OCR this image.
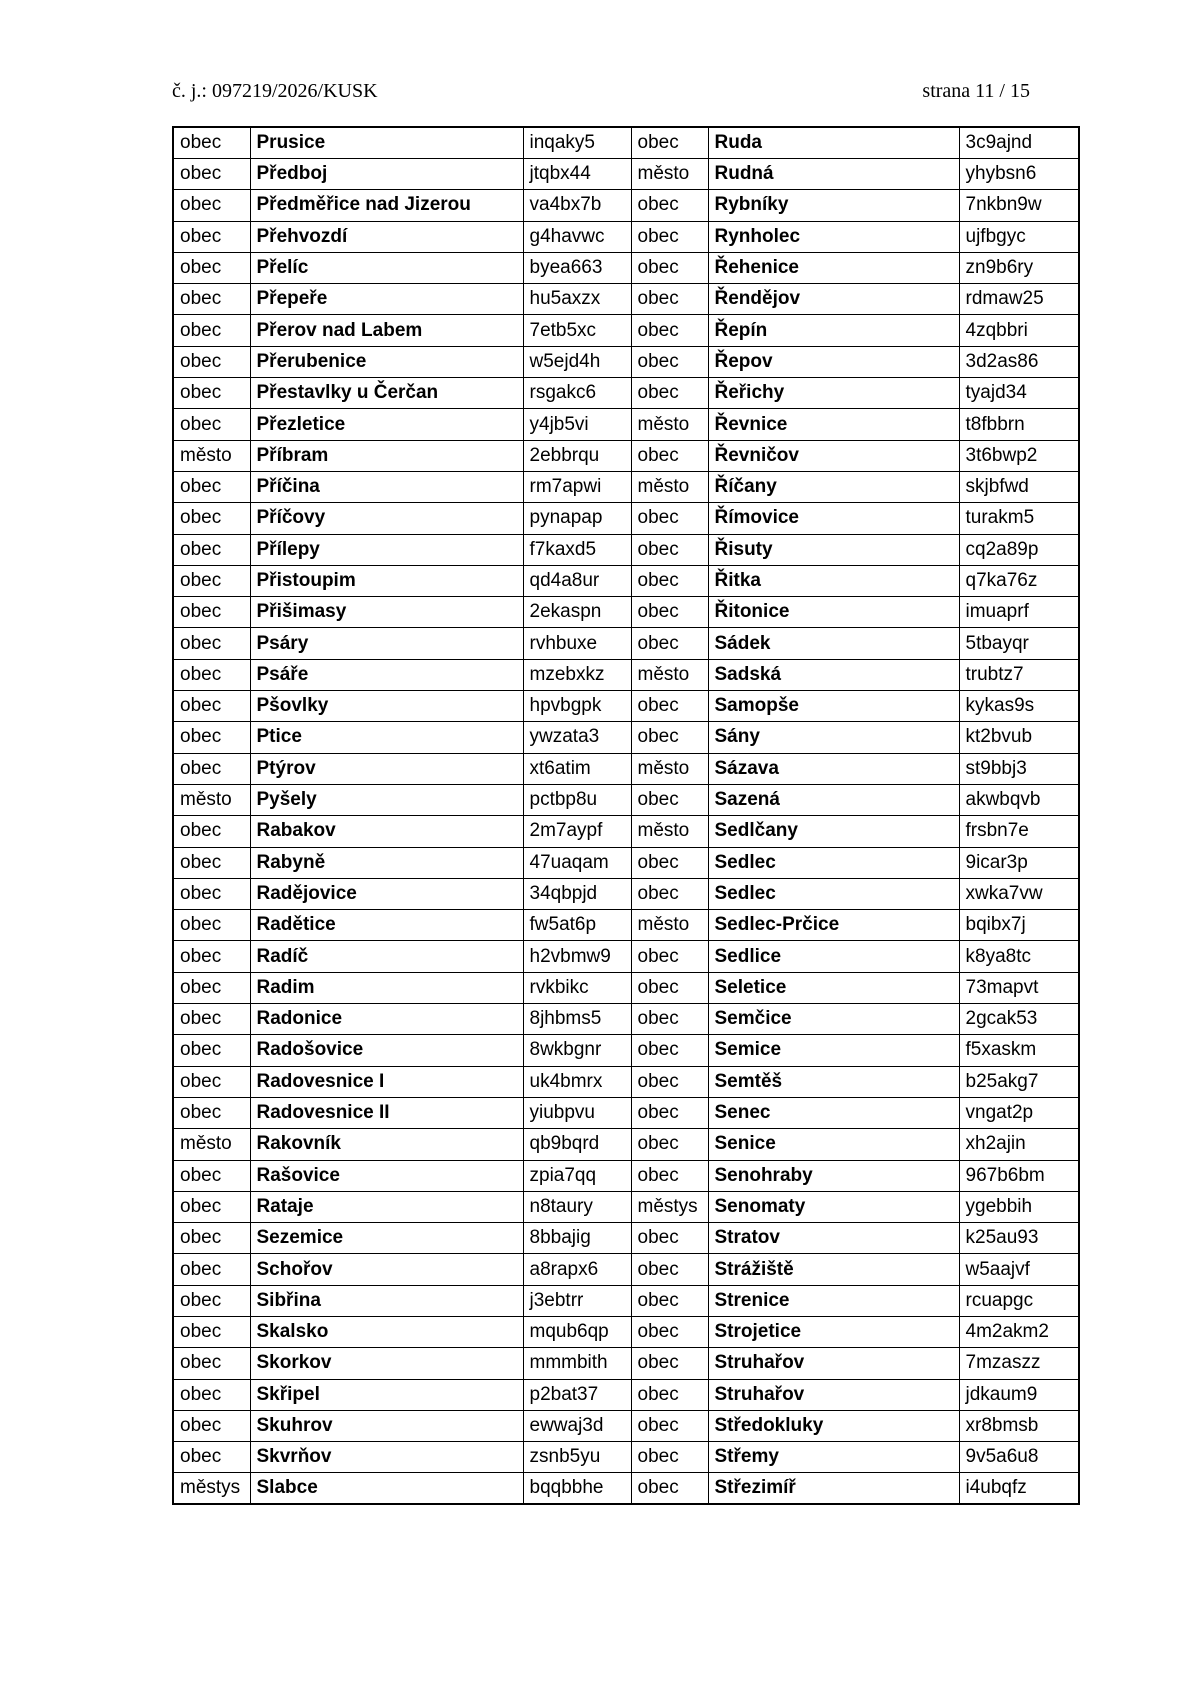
č. j.: 097219/2026/KUSK	strana 11 / 15
obec	Prusice	inqaky5	obec	Ruda	3c9ajnd
obec	Předboj	jtqbx44	město	Rudná	yhybsn6
obec	Předměřice nad Jizerou	va4bx7b	obec	Rybníky	7nkbn9w
obec	Přehvozdí	g4havwc	obec	Rynholec	ujfbgyc
obec	Přelíc	byea663	obec	Řehenice	zn9b6ry
obec	Přepeře	hu5axzx	obec	Řendějov	rdmaw25
obec	Přerov nad Labem	7etb5xc	obec	Řepín	4zqbbri
obec	Přerubenice	w5ejd4h	obec	Řepov	3d2as86
obec	Přestavlky u Čerčan	rsgakc6	obec	Řeřichy	tyajd34
obec	Přezletice	y4jb5vi	město	Řevnice	t8fbbrn
město	Příbram	2ebbrqu	obec	Řevničov	3t6bwp2
obec	Příčina	rm7apwi	město	Říčany	skjbfwd
obec	Příčovy	pynapap	obec	Římovice	turakm5
obec	Přílepy	f7kaxd5	obec	Řisuty	cq2a89p
obec	Přistoupim	qd4a8ur	obec	Řitka	q7ka76z
obec	Přišimasy	2ekaspn	obec	Řitonice	imuaprf
obec	Psáry	rvhbuxe	obec	Sádek	5tbayqr
obec	Psáře	mzebxkz	město	Sadská	trubtz7
obec	Pšovlky	hpvbgpk	obec	Samopše	kykas9s
obec	Ptice	ywzata3	obec	Sány	kt2bvub
obec	Ptýrov	xt6atim	město	Sázava	st9bbj3
město	Pyšely	pctbp8u	obec	Sazená	akwbqvb
obec	Rabakov	2m7aypf	město	Sedlčany	frsbn7e
obec	Rabyně	47uaqam	obec	Sedlec	9icar3p
obec	Radějovice	34qbpjd	obec	Sedlec	xwka7vw
obec	Radětice	fw5at6p	město	Sedlec-Prčice	bqibx7j
obec	Radíč	h2vbmw9	obec	Sedlice	k8ya8tc
obec	Radim	rvkbikc	obec	Seletice	73mapvt
obec	Radonice	8jhbms5	obec	Semčice	2gcak53
obec	Radošovice	8wkbgnr	obec	Semice	f5xaskm
obec	Radovesnice I	uk4bmrx	obec	Semtěš	b25akg7
obec	Radovesnice II	yiubpvu	obec	Senec	vngat2p
město	Rakovník	qb9bqrd	obec	Senice	xh2ajin
obec	Rašovice	zpia7qq	obec	Senohraby	967b6bm
obec	Rataje	n8taury	městys	Senomaty	ygebbih
obec	Sezemice	8bbajig	obec	Stratov	k25au93
obec	Schořov	a8rapx6	obec	Strážiště	w5aajvf
obec	Sibřina	j3ebtrr	obec	Strenice	rcuapgc
obec	Skalsko	mqub6qp	obec	Strojetice	4m2akm2
obec	Skorkov	mmmbith	obec	Struhařov	7mzaszz
obec	Skřipel	p2bat37	obec	Struhařov	jdkaum9
obec	Skuhrov	ewwaj3d	obec	Středokluky	xr8bmsb
obec	Skvrňov	zsnb5yu	obec	Střemy	9v5a6u8
městys	Slabce	bqqbbhe	obec	Střezimíř	i4ubqfz
